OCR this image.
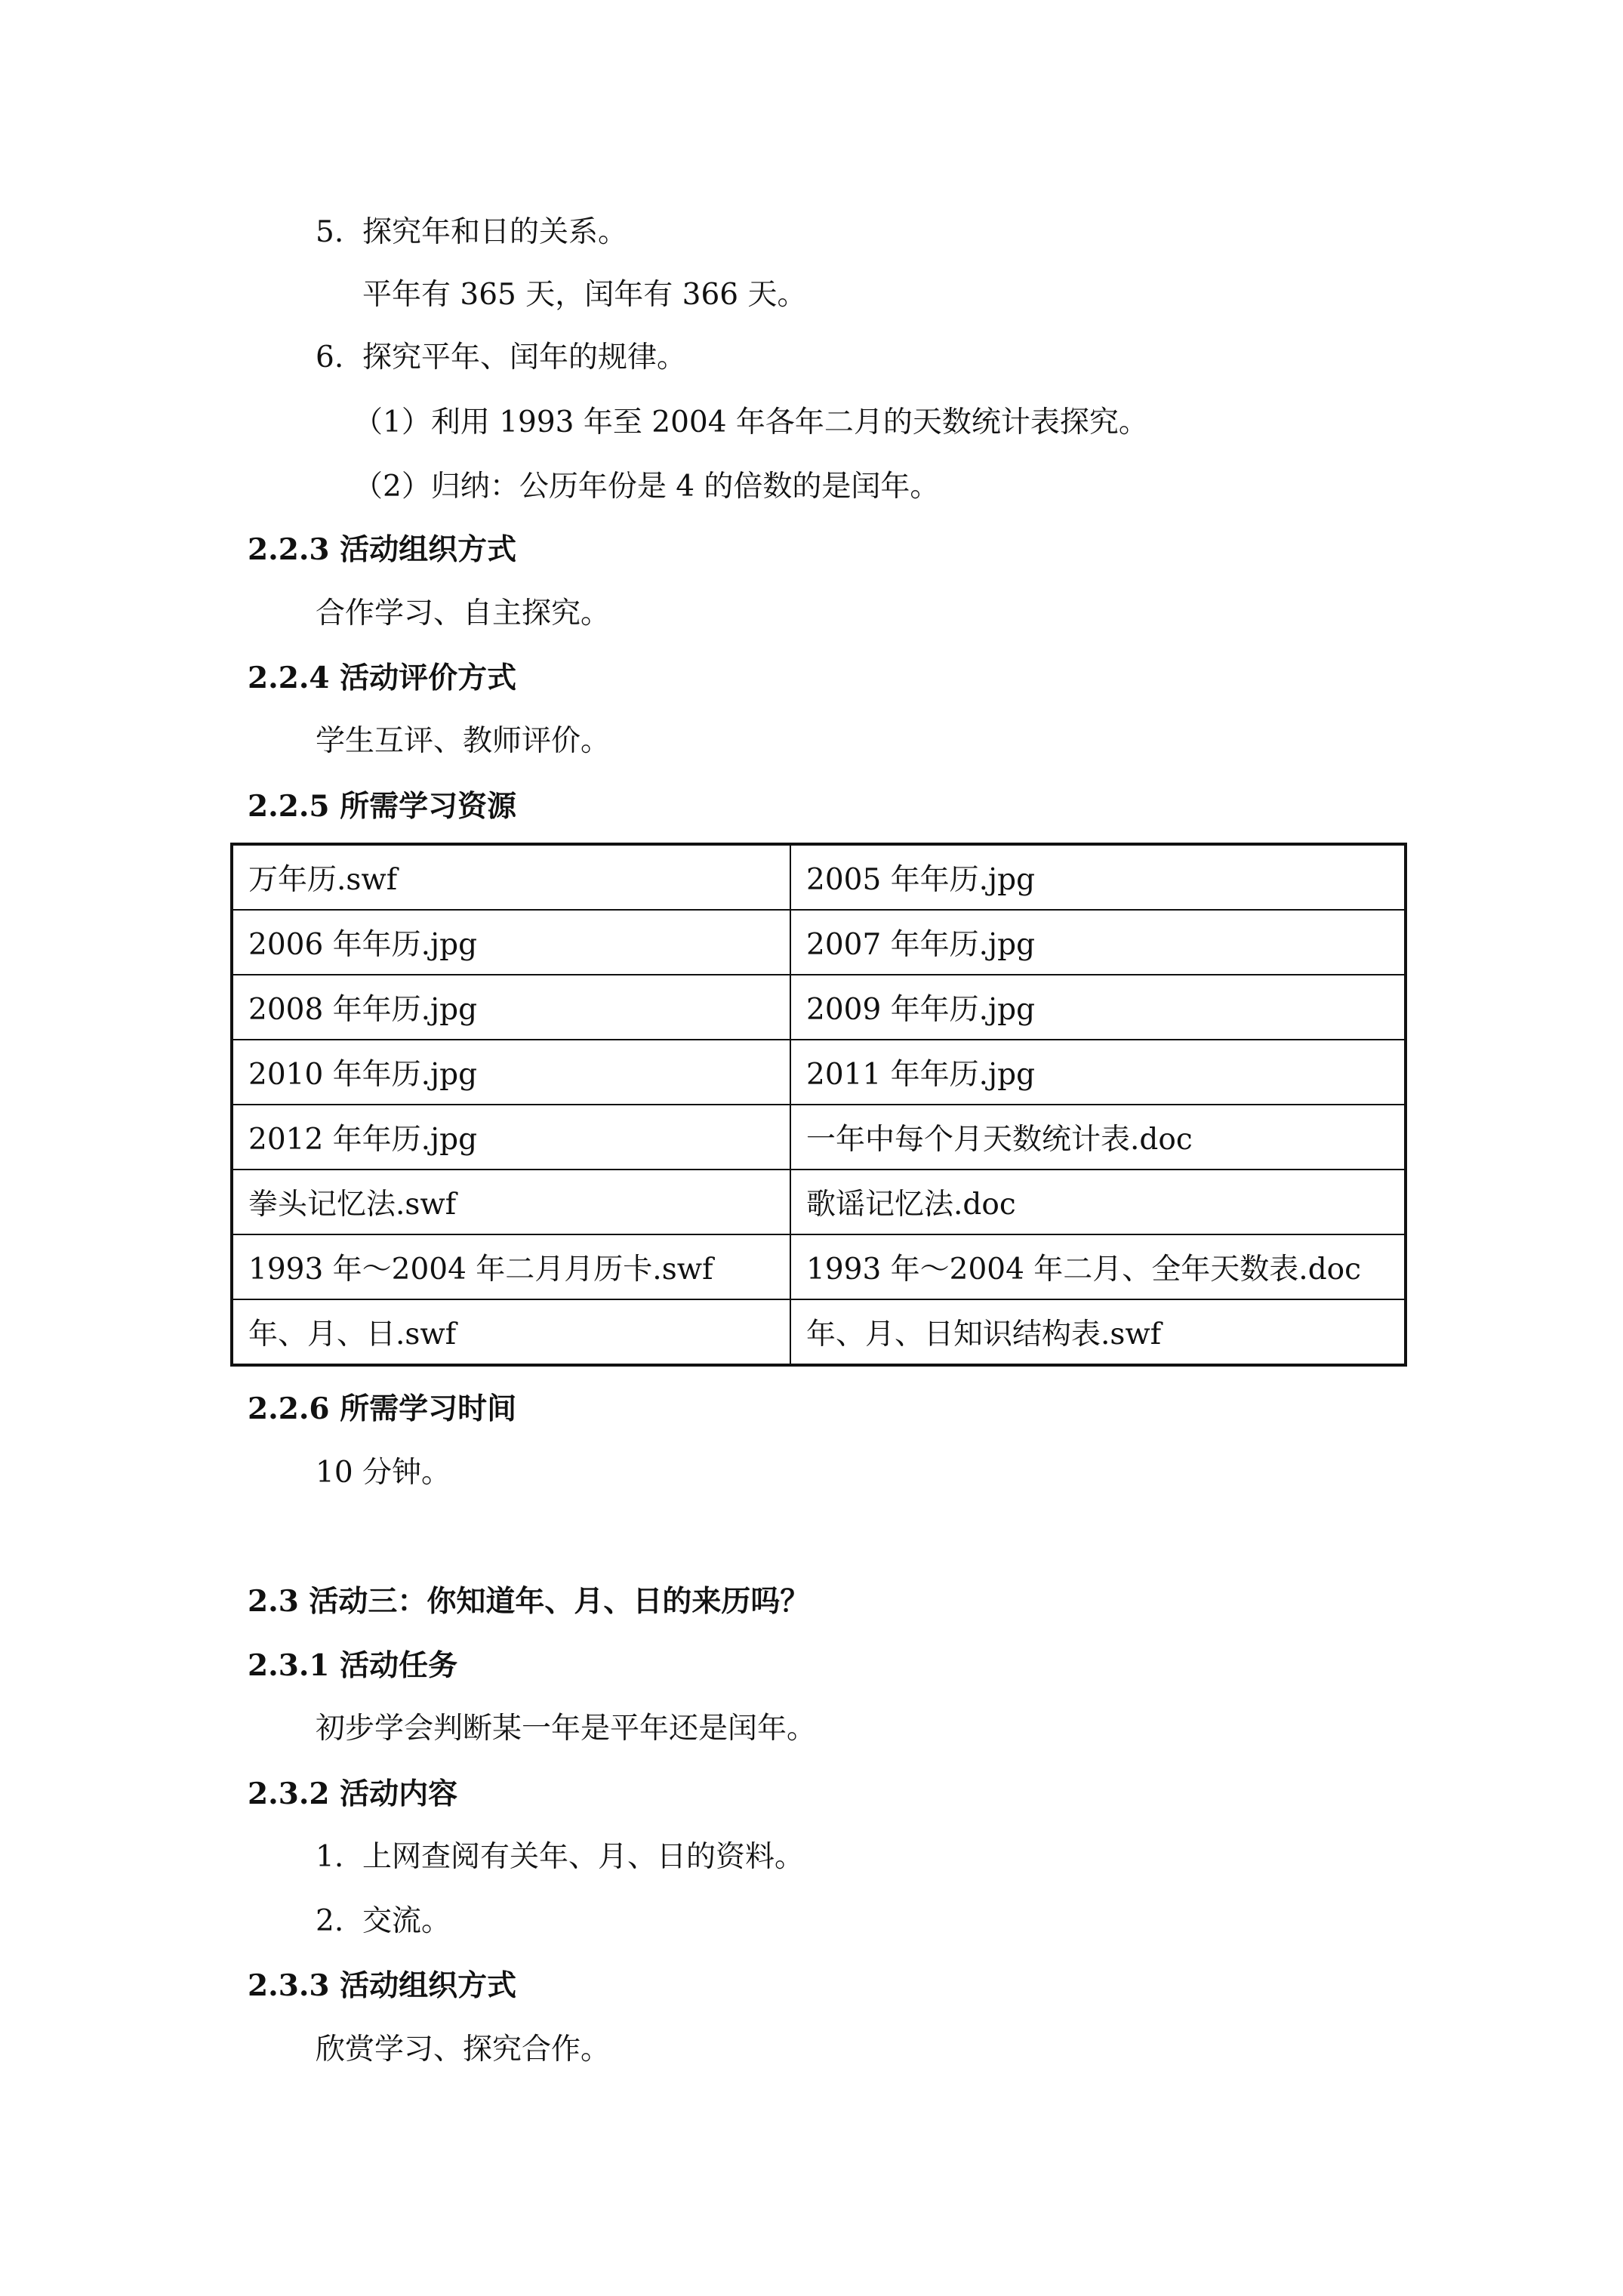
5. 探究年和日的关系。
平年有 365 天，闰年有 366 天。
6. 探究平年、闰年的规律。
（1）利用 1993 年至 2004 年各年二月的天数统计表探究。
（2）归纳：公历年份是 4 的倍数的是闰年。
2.2.3 活动组织方式
合作学习、自主探究。
2.2.4 活动评价方式
学生互评、教师评价。
2.2.5 所需学习资源
万年历.swf	2005 年年历.jpg
2006 年年历.jpg	2007 年年历.jpg
2008 年年历.jpg	2009 年年历.jpg
2010 年年历.jpg	2011 年年历.jpg
2012 年年历.jpg	一年中每个月天数统计表.doc
拳头记忆法.swf	歌谣记忆法.doc
1993 年～2004 年二月月历卡.swf	1993 年～2004 年二月、全年天数表.doc
年、月、日.swf	年、月、日知识结构表.swf
2.2.6 所需学习时间
10 分钟。
2.3 活动三：你知道年、月、日的来历吗？
2.3.1 活动任务
初步学会判断某一年是平年还是闰年。
2.3.2 活动内容
1. 上网查阅有关年、月、日的资料。
2. 交流。
2.3.3 活动组织方式
欣赏学习、探究合作。
